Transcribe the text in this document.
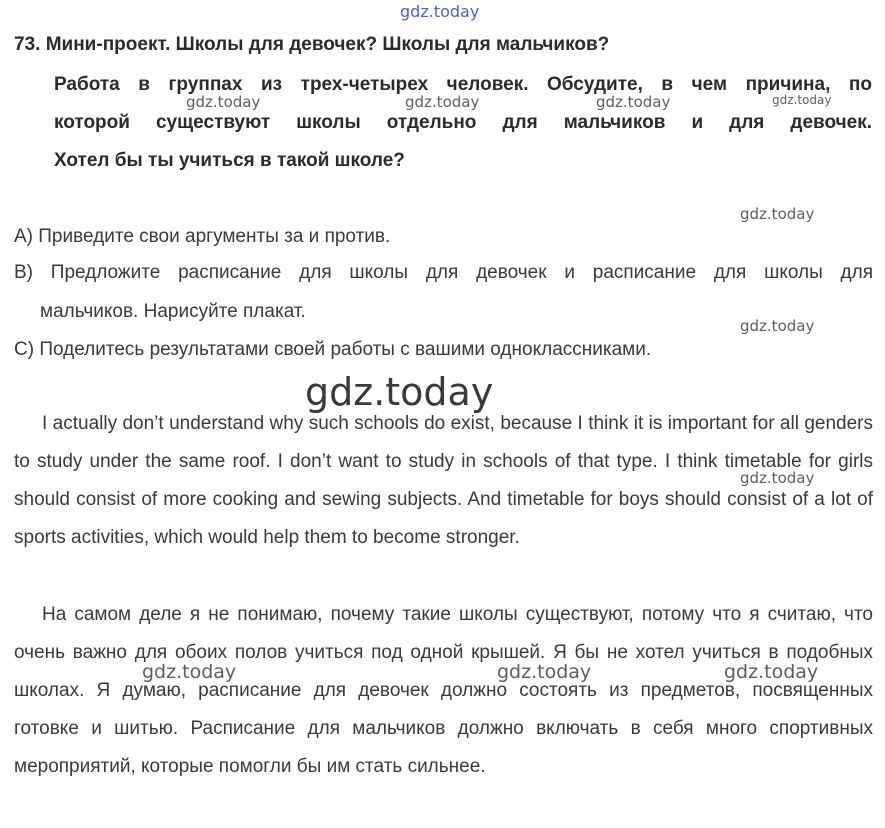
gdz.today
73. Мини-проект. Школы для девочек? Школы для мальчиков?
Работа в группах из трех-четырех человек. Обсудите, в чем причина, по
которой существуют школы отдельно для мальчиков и для девочек.
Хотел бы ты учиться в такой школе?
gdz.today	gdz.today	gdz.today	gdz.today
gdz.today
A) Приведите свои аргументы за и против.
B) Предложите расписание для школы для девочек и расписание для школы для
мальчиков. Нарисуйте плакат.
gdz.today
C) Поделитесь результатами своей работы с вашими одноклассниками.
gdz.today
I actually don’t understand why such schools do exist, because I think it is important for all genders to study under the same roof. I don’t want to study in schools of that type. I think timetable for girls should consist of more cooking and sewing subjects. And timetable for boys should consist of a lot of sports activities, which would help them to become stronger.
gdz.today
На самом деле я не понимаю, почему такие школы существуют, потому что я считаю, что очень важно для обоих полов учиться под одной крышей. Я бы не хотел учиться в подобных школах. Я думаю, расписание для девочек должно состоять из предметов, посвященных готовке и шитью. Расписание для мальчиков должно включать в себя много спортивных мероприятий, которые помогли бы им стать сильнее.
gdz.today	gdz.today	gdz.today
